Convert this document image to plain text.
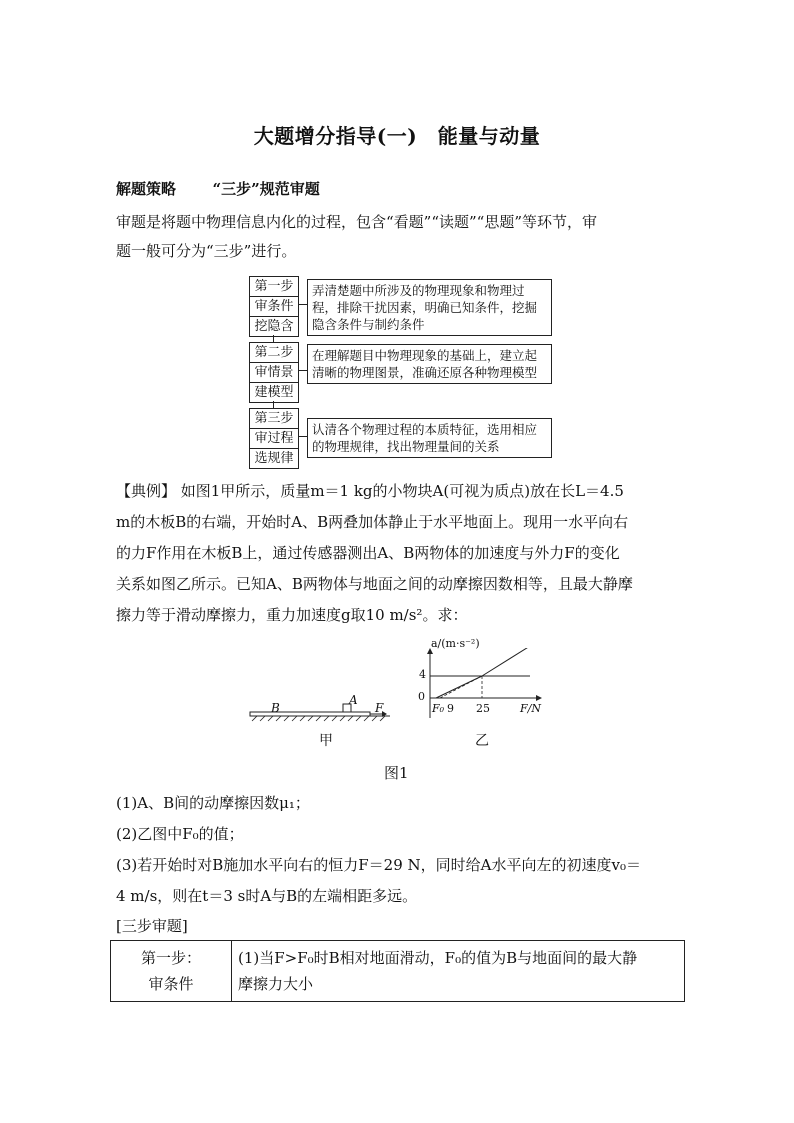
大题增分指导(一)　能量与动量
解题策略 “三步”规范审题
审题是将题中物理信息内化的过程，包含“看题”“读题”“思题”等环节，审
题一般可分为“三步”进行。
第一步
审条件
挖隐含
弄清楚题中所涉及的物理现象和物理过程，排除干扰因素，明确已知条件，挖掘隐含条件与制约条件
第二步
审情景
建模型
在理解题目中物理现象的基础上，建立起清晰的物理图景，准确还原各种物理模型
第三步
审过程
选规律
认清各个物理过程的本质特征，选用相应的物理规律，找出物理量间的关系
【典例】 如图1甲所示，质量m＝1 kg的小物块A(可视为质点)放在长L＝4.5
m的木板B的右端，开始时A、B两叠加体静止于水平地面上。现用一水平向右
的力F作用在木板B上，通过传感器测出A、B两物体的加速度与外力F的变化
关系如图乙所示。已知A、B两物体与地面之间的动摩擦因数相等，且最大静摩
擦力等于滑动摩擦力，重力加速度g取10 m/s²。求：
B
A
F
甲
a/(m·s⁻²)
4
0
F₀ 9 25	F/N
乙
图1
(1)A、B间的动摩擦因数μ₁；
(2)乙图中F₀的值；
(3)若开始时对B施加水平向右的恒力F＝29 N，同时给A水平向左的初速度v₀＝
4 m/s，则在t＝3 s时A与B的左端相距多远。
[三步审题]
第一步：
审条件

(1)当F>F₀时B相对地面滑动，F₀的值为B与地面间的最大静
摩擦力大小
